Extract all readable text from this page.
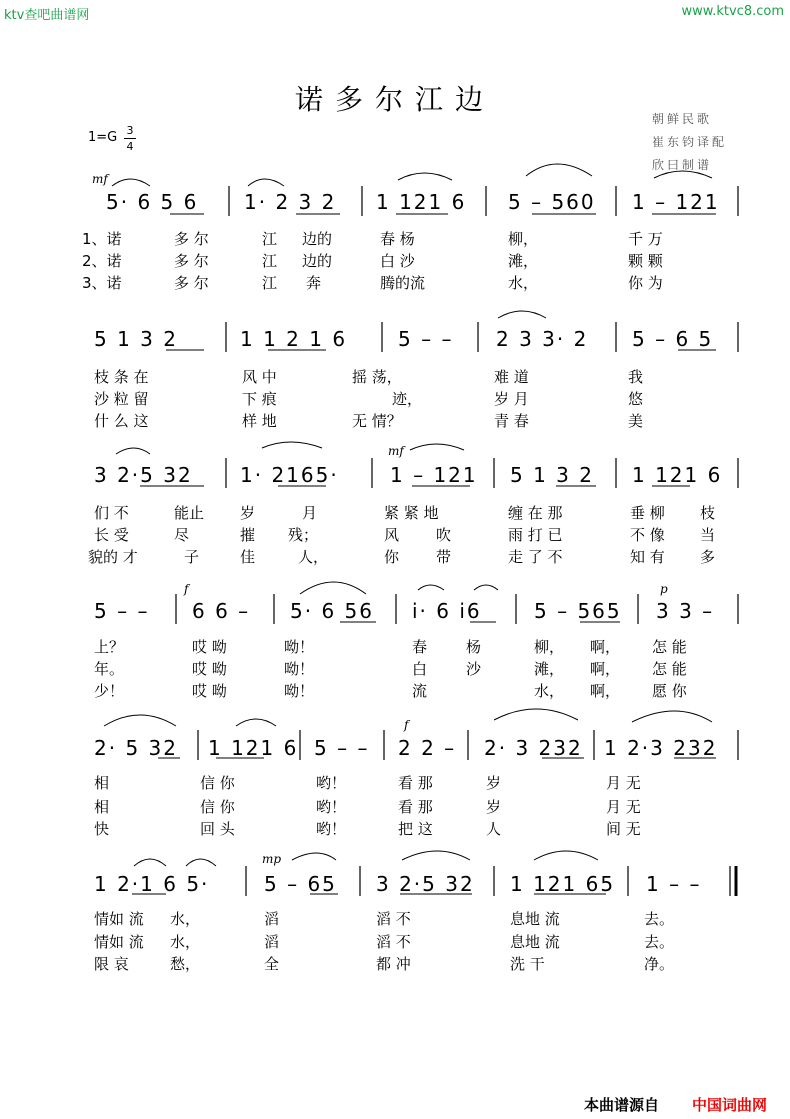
ktv查吧曲谱网	www.ktvc8.com
诺多尔江边
朝鲜民歌
崔东钧译配
欣曰制谱
1=G 3
4
mf
mf
f	p
f
mp
5· 6 5 6 1· 2 3 2 1 121 6 5 – 560 1 – 121
1、诺	多 尔	江 边的	春 杨	柳，	千 万
2、诺	多 尔	江 边的	白 沙	滩，	颗 颗
3、诺	多 尔	江 奔	腾的流	水，	你 为
5 1 3 2	1 1 2 1 6	5 – – 2 3 3· 2 5 – 6 5
枝 条 在	风 中	摇 荡，	难 道	我
沙 粒 留	下 痕	迹，	岁 月	悠
什 么 这	样 地	无 情？	青 春	美
3 2·5 32 1· 2165·	1 – 121 5 1 3 2 1 121 6
们 不	能止 岁	月	紧 紧 地	缠 在 那	垂 柳 枝
长 受	尽	摧 残；	风 吹	雨 打 已	不 像 当
貌的 才	子	佳	人，	你 带	走 了 不	知 有 多
5 – – 6 6 – 5· 6 56 i· 6 i6	5 – 565 3 3 –
上？	哎 呦	呦！	春	杨	柳， 啊， 怎 能
年。	哎 呦	呦！	白	沙	滩， 啊， 怎 能
少！	哎 呦	呦！	流	水， 啊， 愿 你
2· 5 32 1 121 6 5 – – 2 2 – 2· 3 232 1 2·3 232
相	信 你	哟！	看 那	岁	月 无
相	信 你	哟！	看 那	岁	月 无
快	回 头	哟！	把 这	人	间 无
1 2·1 6 5·	5 – 65 3 2·5 32 1 121 65 1 – –
情如 流 水，	滔	滔 不	息地 流	去。
情如 流 水，	滔	滔 不	息地 流	去。
限 哀	愁，	全	都 冲	洗 干	净。
本曲谱源自 中国词曲网
